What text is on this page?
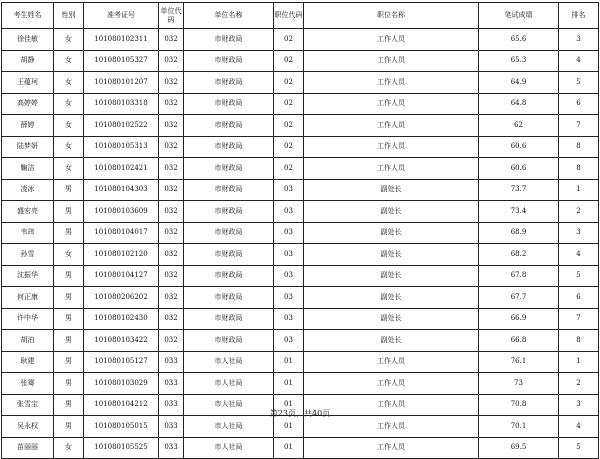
考生姓名	性别	准考证号	单位代码	单位名称	职位代码	职位名称	笔试成绩	排名
徐佳敏	女	101080102311	032	市财政局	02	工作人员	65.6	3
胡静	女	101080105327	032	市财政局	02	工作人员	65.3	4
王蕴珂	女	101080101207	032	市财政局	02	工作人员	64.9	5
高婷婷	女	101080103318	032	市财政局	02	工作人员	64.8	6
薛婷	女	101080102522	032	市财政局	02	工作人员	62	7
陆梦妍	女	101080105313	032	市财政局	02	工作人员	60.6	8
鞠洁	女	101080102421	032	市财政局	02	工作人员	60.6	8
凌冰	男	101080104303	032	市财政局	03	副处长	73.7	1
盛宏亮	男	101080103609	032	市财政局	03	副处长	73.4	2
韦玮	男	101080104017	032	市财政局	03	副处长	68.9	3
孙雪	女	101080102120	032	市财政局	03	副处长	68.2	4
沈振华	男	101080104127	032	市财政局	03	副处长	67.8	5
何正康	男	101080206202	032	市财政局	03	副处长	67.7	6
许中华	男	101080102430	032	市财政局	03	副处长	66.9	7
胡泊	男	101080103422	032	市财政局	03	副处长	66.8	8
耿建	男	101080105127	033	市人社局	01	工作人员	76.1	1
张骞	男	101080103029	033	市人社局	01	工作人员	73	2
张雪宝	男	101080104212	033	市人社局	01	工作人员	70.8	3
吴永权	男	101080105015	033	市人社局	01	工作人员	70.1	4
苗丽丽	女	101080105525	033	市人社局	01	工作人员	69.5	5
第23页，共40页
